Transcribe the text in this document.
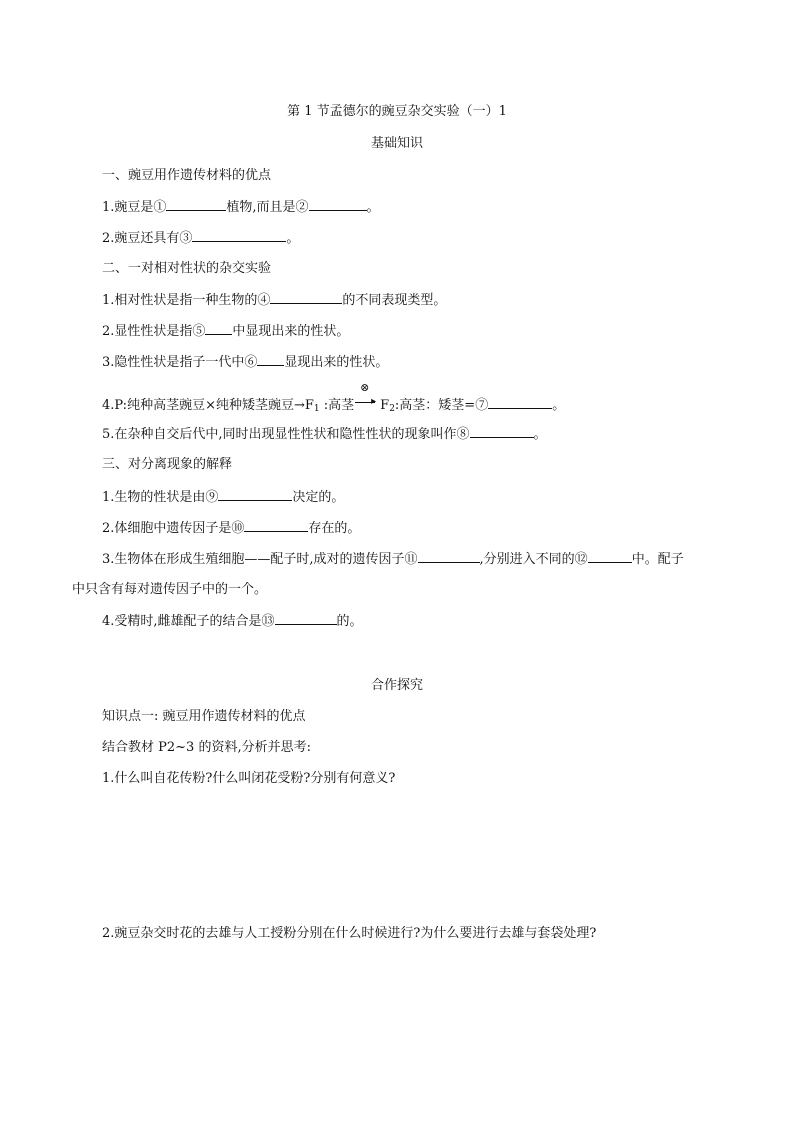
第 1 节孟德尔的豌豆杂交实验（一）1
基础知识
一、豌豆用作遗传材料的优点
1.豌豆是①	植物,而且是②	。
2.豌豆还具有③	。
二、一对相对性状的杂交实验
1.相对性状是指一种生物的④	的不同表现类型。
2.显性性状是指⑤ 中显现出来的性状。
3.隐性性状是指子一代中⑥ 显现出来的性状。
4.P:纯种高茎豌豆×纯种矮茎豌豆$\to F_1$ :高茎
⊗
▸ $F_2$:高茎：矮茎=⑦	。
5.在杂种自交后代中,同时出现显性性状和隐性性状的现象叫作⑧	。
三、对分离现象的解释
1.生物的性状是由⑨	决定的。
2.体细胞中遗传因子是⑩	存在的。
3.生物体在形成生殖细胞——配子时,成对的遗传因子⑪	,分别进入不同的⑫	中。配子
中只含有每对遗传因子中的一个。
4.受精时,雌雄配子的结合是⑬	的。
合作探究
知识点一: 豌豆用作遗传材料的优点
结合教材 P2~3 的资料,分析并思考:
1.什么叫自花传粉?什么叫闭花受粉?分别有何意义?
2.豌豆杂交时花的去雄与人工授粉分别在什么时候进行?为什么要进行去雄与套袋处理?
